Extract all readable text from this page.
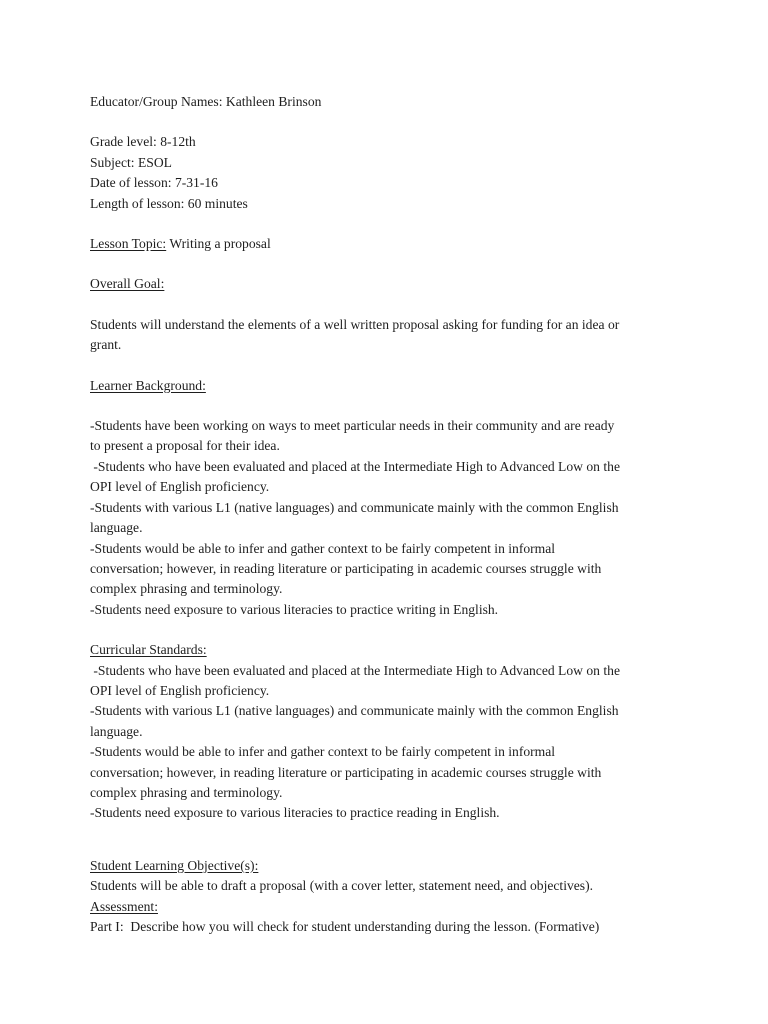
Educator/Group Names: Kathleen Brinson
Grade level: 8-12th
Subject: ESOL
Date of lesson: 7-31-16
Length of lesson: 60 minutes
Lesson Topic: Writing a proposal
Overall Goal:
Students will understand the elements of a well written proposal asking for funding for an idea or
grant.
Learner Background:
-Students have been working on ways to meet particular needs in their community and are ready
to present a proposal for their idea.
-Students who have been evaluated and placed at the Intermediate High to Advanced Low on the
OPI level of English proficiency.
-Students with various L1 (native languages) and communicate mainly with the common English
language.
-Students would be able to infer and gather context to be fairly competent in informal
conversation; however, in reading literature or participating in academic courses struggle with
complex phrasing and terminology.
-Students need exposure to various literacies to practice writing in English.
Curricular Standards:
-Students who have been evaluated and placed at the Intermediate High to Advanced Low on the
OPI level of English proficiency.
-Students with various L1 (native languages) and communicate mainly with the common English
language.
-Students would be able to infer and gather context to be fairly competent in informal
conversation; however, in reading literature or participating in academic courses struggle with
complex phrasing and terminology.
-Students need exposure to various literacies to practice reading in English.
Student Learning Objective(s):
Students will be able to draft a proposal (with a cover letter, statement need, and objectives).
Assessment:
Part I:  Describe how you will check for student understanding during the lesson. (Formative)
